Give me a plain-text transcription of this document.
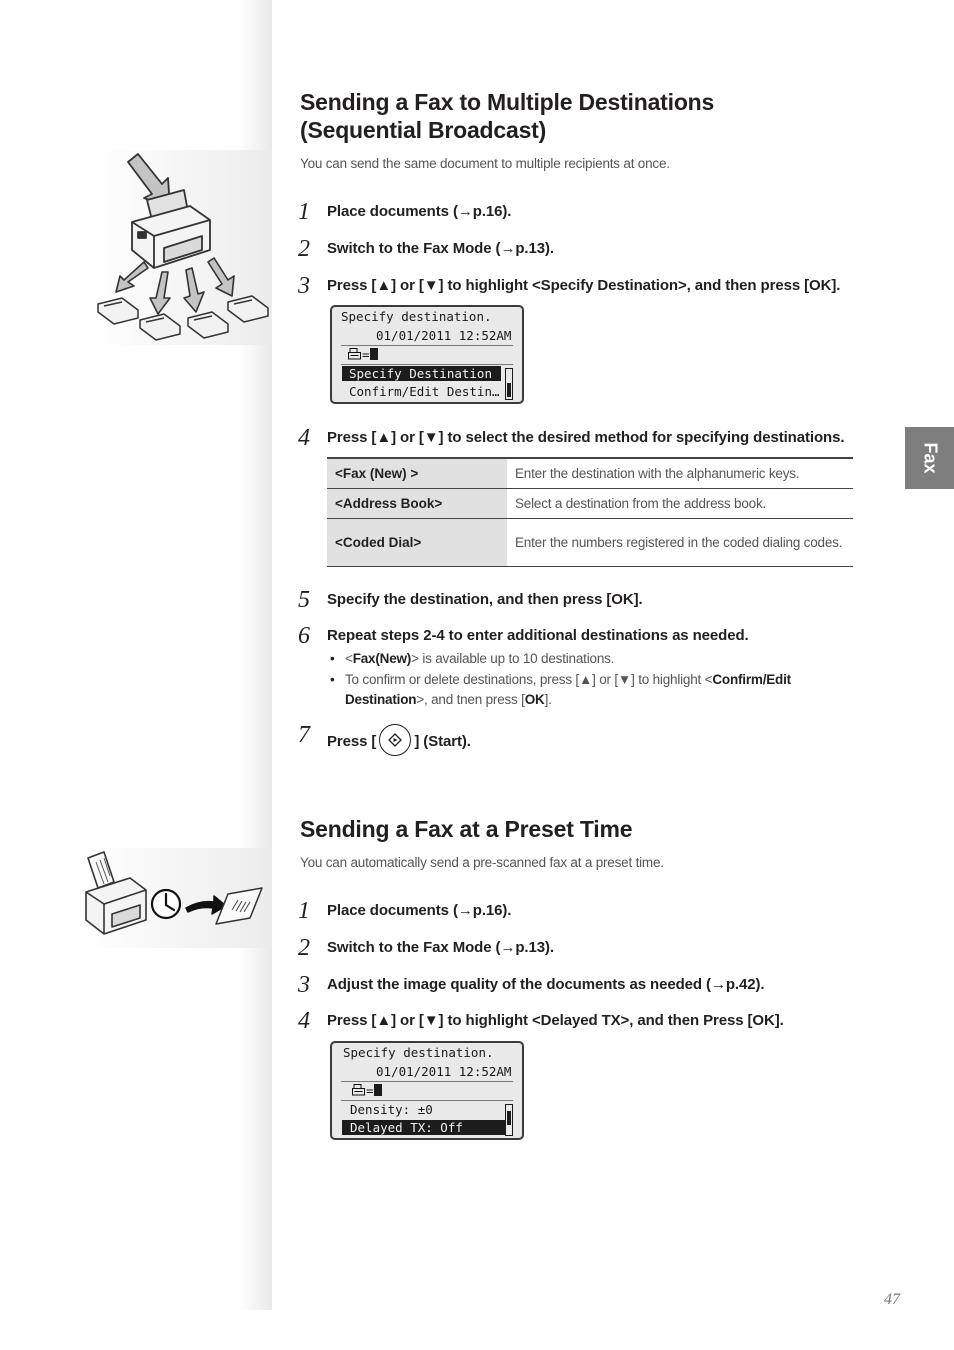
Sending a Fax to Multiple Destinations
(Sequential Broadcast)

You can send the same document to multiple recipients at once.

1 Place documents (→p.16).
2 Switch to the Fax Mode (→p.13).
3 Press [▲] or [▼] to highlight <Specify Destination>, and then press [OK].
Specify destination.
01/01/2011 12:52AM
=
Specify Destination
Confirm/Edit Destin…
4 Press [▲] or [▼] to select the desired method for specifying destinations.
<Fax (New) >	Enter the destination with the alphanumeric keys.
<Address Book>	Select a destination from the address book.
<Coded Dial>	Enter the numbers registered in the coded dialing codes.
5 Specify the destination, and then press [OK].
6 Repeat steps 2-4 to enter additional destinations as needed.
• <Fax(New)> is available up to 10 destinations.
• To confirm or delete destinations, press [▲] or [▼] to highlight <Confirm/Edit Destination>, and tnen press [OK].
7 Press [	] (Start).
Sending a Fax at a Preset Time

You can automatically send a pre-scanned fax at a preset time.

1 Place documents (→p.16).
2 Switch to the Fax Mode (→p.13).
3 Adjust the image quality of the documents as needed (→p.42).
4 Press [▲] or [▼] to highlight <Delayed TX>, and then Press [OK].
Specify destination.
01/01/2011 12:52AM
=
Density: ±0
Delayed TX: Off
Fax
47
